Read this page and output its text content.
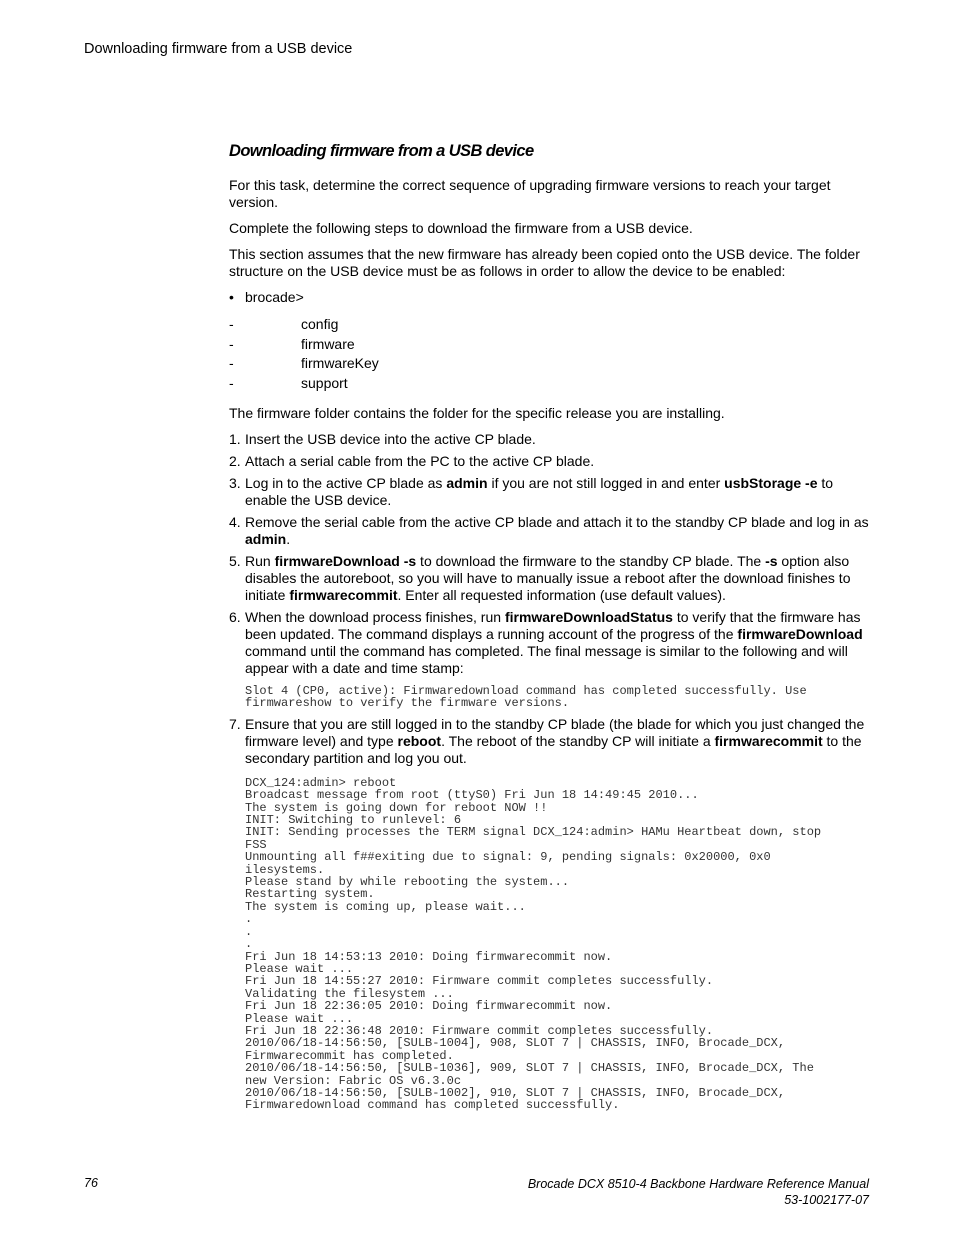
Downloading firmware from a USB device
Downloading firmware from a USB device

For this task, determine the correct sequence of upgrading firmware versions to reach your target version.

Complete the following steps to download the firmware from a USB device.

This section assumes that the new firmware has already been copied onto the USB device. The folder structure on the USB device must be as follows in order to allow the device to be enabled:

• brocade>
-	config
-	firmware
-	firmwareKey
-	support

The firmware folder contains the folder for the specific release you are installing.

1. Insert the USB device into the active CP blade.
2. Attach a serial cable from the PC to the active CP blade.
3. Log in to the active CP blade as admin if you are not still logged in and enter usbStorage -e to enable the USB device.
4. Remove the serial cable from the active CP blade and attach it to the standby CP blade and log in as admin.
5. Run firmwareDownload -s to download the firmware to the standby CP blade. The -s option also disables the autoreboot, so you will have to manually issue a reboot after the download finishes to initiate firmwarecommit. Enter all requested information (use default values).
6. When the download process finishes, run firmwareDownloadStatus to verify that the firmware has been updated. The command displays a running account of the progress of the firmwareDownload command until the command has completed. The final message is similar to the following and will appear with a date and time stamp:
Slot 4 (CP0, active): Firmwaredownload command has completed successfully. Use
firmwareshow to verify the firmware versions.
7. Ensure that you are still logged in to the standby CP blade (the blade for which you just changed the firmware level) and type reboot. The reboot of the standby CP will initiate a firmwarecommit to the secondary partition and log you out.
DCX_124:admin> reboot
Broadcast message from root (ttyS0) Fri Jun 18 14:49:45 2010...
The system is going down for reboot NOW !!
INIT: Switching to runlevel: 6
INIT: Sending processes the TERM signal DCX_124:admin> HAMu Heartbeat down, stop
FSS
Unmounting all f##exiting due to signal: 9, pending signals: 0x20000, 0x0
ilesystems.
Please stand by while rebooting the system...
Restarting system.
The system is coming up, please wait...
.
.
.
Fri Jun 18 14:53:13 2010: Doing firmwarecommit now.
Please wait ...
Fri Jun 18 14:55:27 2010: Firmware commit completes successfully.
Validating the filesystem ...
Fri Jun 18 22:36:05 2010: Doing firmwarecommit now.
Please wait ...
Fri Jun 18 22:36:48 2010: Firmware commit completes successfully.
2010/06/18-14:56:50, [SULB-1004], 908, SLOT 7 | CHASSIS, INFO, Brocade_DCX,
Firmwarecommit has completed.
2010/06/18-14:56:50, [SULB-1036], 909, SLOT 7 | CHASSIS, INFO, Brocade_DCX, The
new Version: Fabric OS v6.3.0c
2010/06/18-14:56:50, [SULB-1002], 910, SLOT 7 | CHASSIS, INFO, Brocade_DCX,
Firmwaredownload command has completed successfully.
76	Brocade DCX 8510-4 Backbone Hardware Reference Manual
53-1002177-07
